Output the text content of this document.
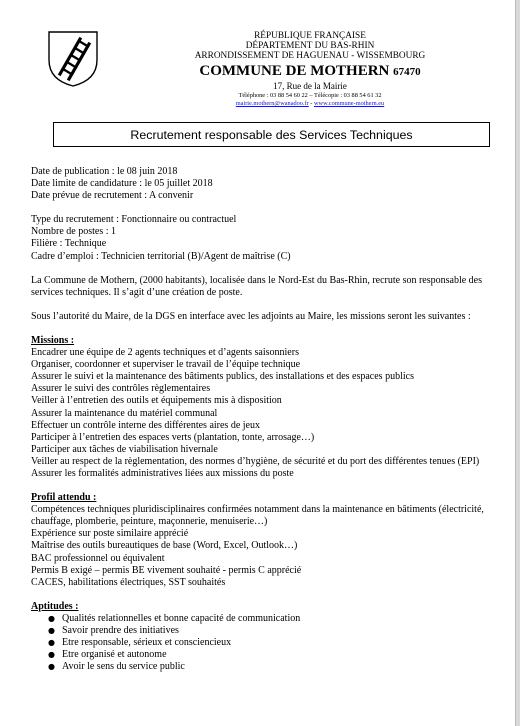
RÉPUBLIQUE FRANÇAISE
DÉPARTEMENT DU BAS-RHIN
ARRONDISSEMENT DE HAGUENAU - WISSEMBOURG
COMMUNE DE MOTHERN 67470
17, Rue de la Mairie
Téléphone : 03 88 54 60 22 – Télécopie : 03 88 54 61 32
mairie.mothern@wanadoo.fr - www.commune-mothern.eu
Recrutement responsable des Services Techniques

Date de publication : le 08 juin 2018

Date limite de candidature : le 05 juillet 2018

Date prévue de recrutement : A convenir

Type du recrutement : Fonctionnaire ou contractuel

Nombre de postes : 1

Filière : Technique

Cadre d’emploi : Technicien territorial (B)/Agent de maîtrise (C)

La Commune de Mothern, (2000 habitants), localisée dans le Nord-Est du Bas-Rhin, recrute son responsable des services techniques. Il s’agit d’une création de poste.

Sous l’autorité du Maire, de la DGS en interface avec les adjoints au Maire, les missions seront les suivantes :

Missions :

Encadrer une équipe de 2 agents techniques et d’agents saisonniers

Organiser, coordonner et superviser le travail de l’équipe technique

Assurer le suivi et la maintenance des bâtiments publics, des installations et des espaces publics

Assurer le suivi des contrôles règlementaires

Veiller à l’entretien des outils et équipements mis à disposition

Assurer la maintenance du matériel communal

Effectuer un contrôle interne des différentes aires de jeux

Participer à l’entretien des espaces verts (plantation, tonte, arrosage…)

Participer aux tâches de viabilisation hivernale

Veiller au respect de la règlementation, des normes d’hygiène, de sécurité et du port des différentes tenues (EPI)

Assurer les formalités administratives liées aux missions du poste

Profil attendu :

Compétences techniques pluridisciplinaires confirmées notamment dans la maintenance en bâtiments (électricité, chauffage, plomberie, peinture, maçonnerie, menuiserie…)

Expérience sur poste similaire apprécié

Maîtrise des outils bureautiques de base (Word, Excel, Outlook…)

BAC professionnel ou équivalent

Permis B exigé – permis BE vivement souhaité - permis C apprécié

CACES, habilitations électriques, SST souhaités

Aptitudes :

● Qualités relationnelles et bonne capacité de communication
● Savoir prendre des initiatives
● Etre responsable, sérieux et consciencieux
● Etre organisé et autonome
● Avoir le sens du service public
